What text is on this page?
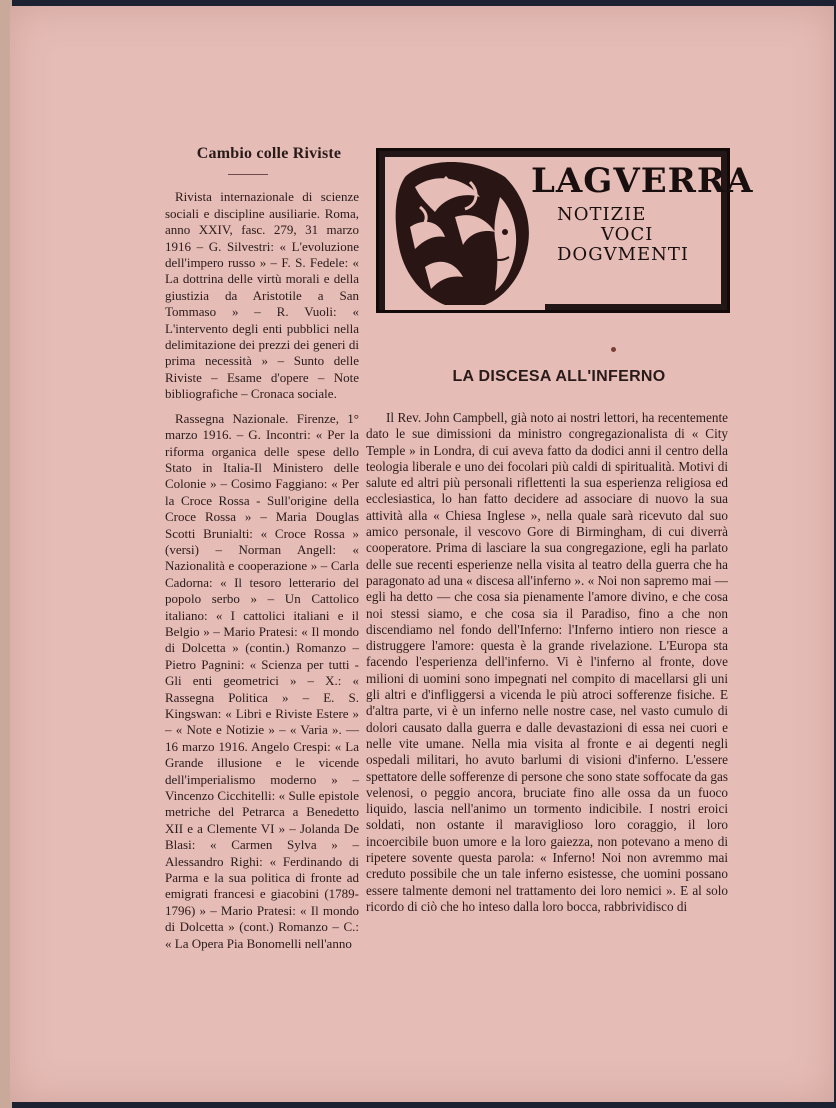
Cambio colle Riviste

Rivista internazionale di scienze sociali e discipline ausiliarie. Roma, anno XXIV, fasc. 279, 31 marzo 1916 – G. Silvestri: « L'evoluzione dell'impero russo » – F. S. Fedele: « La dottrina delle virtù morali e della giustizia da Aristotile a San Tommaso » – R. Vuoli: « L'intervento degli enti pubblici nella delimitazione dei prezzi dei generi di prima necessità » – Sunto delle Riviste – Esame d'opere – Note bibliografiche – Cronaca sociale.

Rassegna Nazionale. Firenze, 1° marzo 1916. – G. Incontri: « Per la riforma organica delle spese dello Stato in Italia-Il Ministero delle Colonie » – Cosimo Faggiano: « Per la Croce Rossa - Sull'origine della Croce Rossa » – Maria Douglas Scotti Brunialti: « Croce Rossa » (versi) – Norman Angell: « Nazionalità e cooperazione » – Carla Cadorna: « Il tesoro letterario del popolo serbo » – Un Cattolico italiano: « I cattolici italiani e il Belgio » – Mario Pratesi: « Il mondo di Dolcetta » (contin.) Romanzo – Pietro Pagnini: « Scienza per tutti - Gli enti geometrici » – X.: « Rassegna Politica » – E. S. Kingswan: « Libri e Riviste Estere » – « Note e Notizie » – « Varia ». — 16 marzo 1916. Angelo Crespi: « La Grande illusione e le vicende dell'imperialismo moderno » – Vincenzo Cicchitelli: « Sulle epistole metriche del Petrarca a Benedetto XII e a Clemente VI » – Jolanda De Blasi: « Carmen Sylva » – Alessandro Righi: « Ferdinando di Parma e la sua politica di fronte ad emigrati francesi e giacobini (1789-1796) » – Mario Pratesi: « Il mondo di Dolcetta » (cont.) Romanzo – C.: « La Opera Pia Bonomelli nell'anno

LAGVERRA
NOTIZIE
VOCI
DOGVMENTI
LA DISCESA ALL'INFERNO
Il Rev. John Campbell, già noto ai nostri lettori, ha recentemente dato le sue dimissioni da ministro congregazionalista di « City Temple » in Londra, di cui aveva fatto da dodici anni il centro della teologia liberale e uno dei focolari più caldi di spiritualità. Motivi di salute ed altri più personali riflettenti la sua esperienza religiosa ed ecclesiastica, lo han fatto decidere ad associare di nuovo la sua attività alla « Chiesa Inglese », nella quale sarà ricevuto dal suo amico personale, il vescovo Gore di Birmingham, di cui diverrà cooperatore. Prima di lasciare la sua congregazione, egli ha parlato delle sue recenti esperienze nella visita al teatro della guerra che ha paragonato ad una « discesa all'inferno ». « Noi non sapremo mai — egli ha detto — che cosa sia pienamente l'amore divino, e che cosa noi stessi siamo, e che cosa sia il Paradiso, fino a che non discendiamo nel fondo dell'Inferno: l'Inferno intiero non riesce a distruggere l'amore: questa è la grande rivelazione. L'Europa sta facendo l'esperienza dell'inferno. Vi è l'inferno al fronte, dove milioni di uomini sono impegnati nel compito di macellarsi gli uni gli altri e d'infliggersi a vicenda le più atroci sofferenze fisiche. E d'altra parte, vi è un inferno nelle nostre case, nel vasto cumulo di dolori causato dalla guerra e dalle devastazioni di essa nei cuori e nelle vite umane. Nella mia visita al fronte e ai degenti negli ospedali militari, ho avuto barlumi di visioni d'inferno. L'essere spettatore delle sofferenze di persone che sono state soffocate da gas velenosi, o peggio ancora, bruciate fino alle ossa da un fuoco liquido, lascia nell'animo un tormento indicibile. I nostri eroici soldati, non ostante il maraviglioso loro coraggio, il loro incoercibile buon umore e la loro gaiezza, non potevano a meno di ripetere sovente questa parola: « Inferno! Noi non avremmo mai creduto possibile che un tale inferno esistesse, che uomini possano essere talmente demoni nel trattamento dei loro nemici ». E al solo ricordo di ciò che ho inteso dalla loro bocca, rabbrividisco di
